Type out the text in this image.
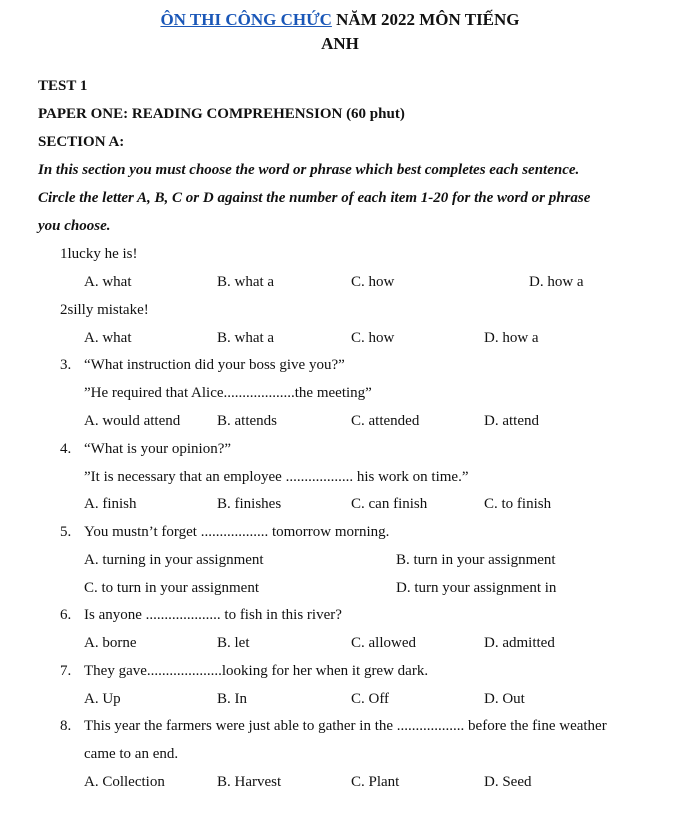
ÔN THI CÔNG CHỨC NĂM 2022 MÔN TIẾNG
ANH
TEST 1
PAPER ONE: READING COMPREHENSION (60 phut)
SECTION A:
In this section you must choose the word or phrase which best completes each sentence.
Circle the letter A, B, C or D against the number of each item 1-20 for the word or phrase
you choose.
1lucky he is!
A. what	B. what a	C. how	D. how a
2silly mistake!
A. what	B. what a	C. how	D. how a
3. “What instruction did your boss give you?”
”He required that Alice...................the meeting”
A. would attend B. attends	C. attended	D. attend
4. “What is your opinion?”
”It is necessary that an employee .................. his work on time.”
A. finish	B. finishes	C. can finish	C. to finish
5. You mustn’t forget .................. tomorrow morning.
A. turning in your assignment	B. turn in your assignment
C. to turn in your assignment	D. turn your assignment in
6. Is anyone .................... to fish in this river?
A. borne	B. let	C. allowed	D. admitted
7. They gave....................looking for her when it grew dark.
A. Up	B. In	C. Off	D. Out
8. This year the farmers were just able to gather in the .................. before the fine weather
came to an end.
A. Collection	B. Harvest	C. Plant	D. Seed
